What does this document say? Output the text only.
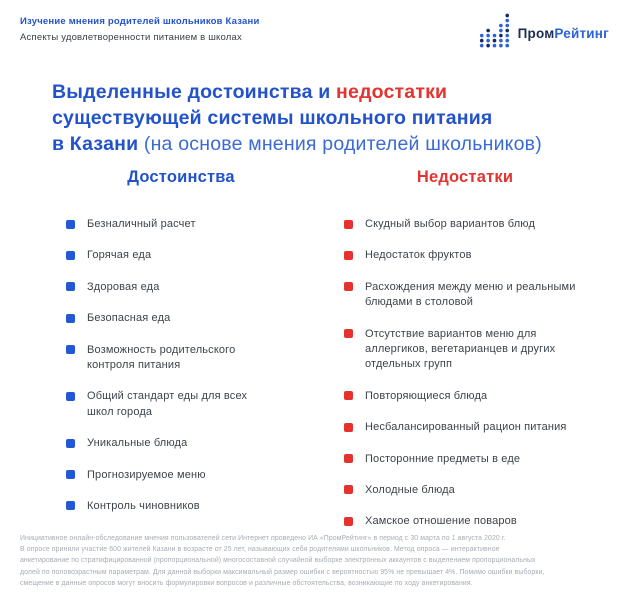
Изучение мнения родителей школьников Казани
Аспекты удовлетворенности питанием в школах	ПромРейтинг
Выделенные достоинства и недостатки
существующей системы школьного питания
в Казани (на основе мнения родителей школьников)
Достоинства
Безналичный расчет
Горячая еда
Здоровая еда
Безопасная еда
Возможность родительского контроля питания
Общий стандарт еды для всех школ города
Уникальные блюда
Прогнозируемое меню
Контроль чиновников
Недостатки
Скудный выбор вариантов блюд
Недостаток фруктов
Расхождения между меню и реальными блюдами в столовой
Отсутствие вариантов меню для аллергиков, вегетарианцев и других отдельных групп
Повторяющиеся блюда
Несбалансированный рацион питания
Посторонние предметы в еде
Холодные блюда
Хамское отношение поваров
Инициативное онлайн-обследование мнения пользователей сети Интернет проведено ИА «ПромРейтинг» в период с 30 марта по 1 августа 2020 г.
В опросе приняли участие 600 жителей Казани в возрасте от 25 лет, называющих себя родителями школьников. Метод опроса — интерактивное
анкетирование по стратифицированной (пропорциональной) многосоставной случайной выборке электронных аккаунтов с выделением пропорциональных
долей по половозрастным параметрам. Для данной выборки максимальный размер ошибки с вероятностью 95% не превышает 4%. Помимо ошибки выборки,
смещение в данные опросов могут вносить формулировки вопросов и различные обстоятельства, возникающие по ходу анкетирования.
